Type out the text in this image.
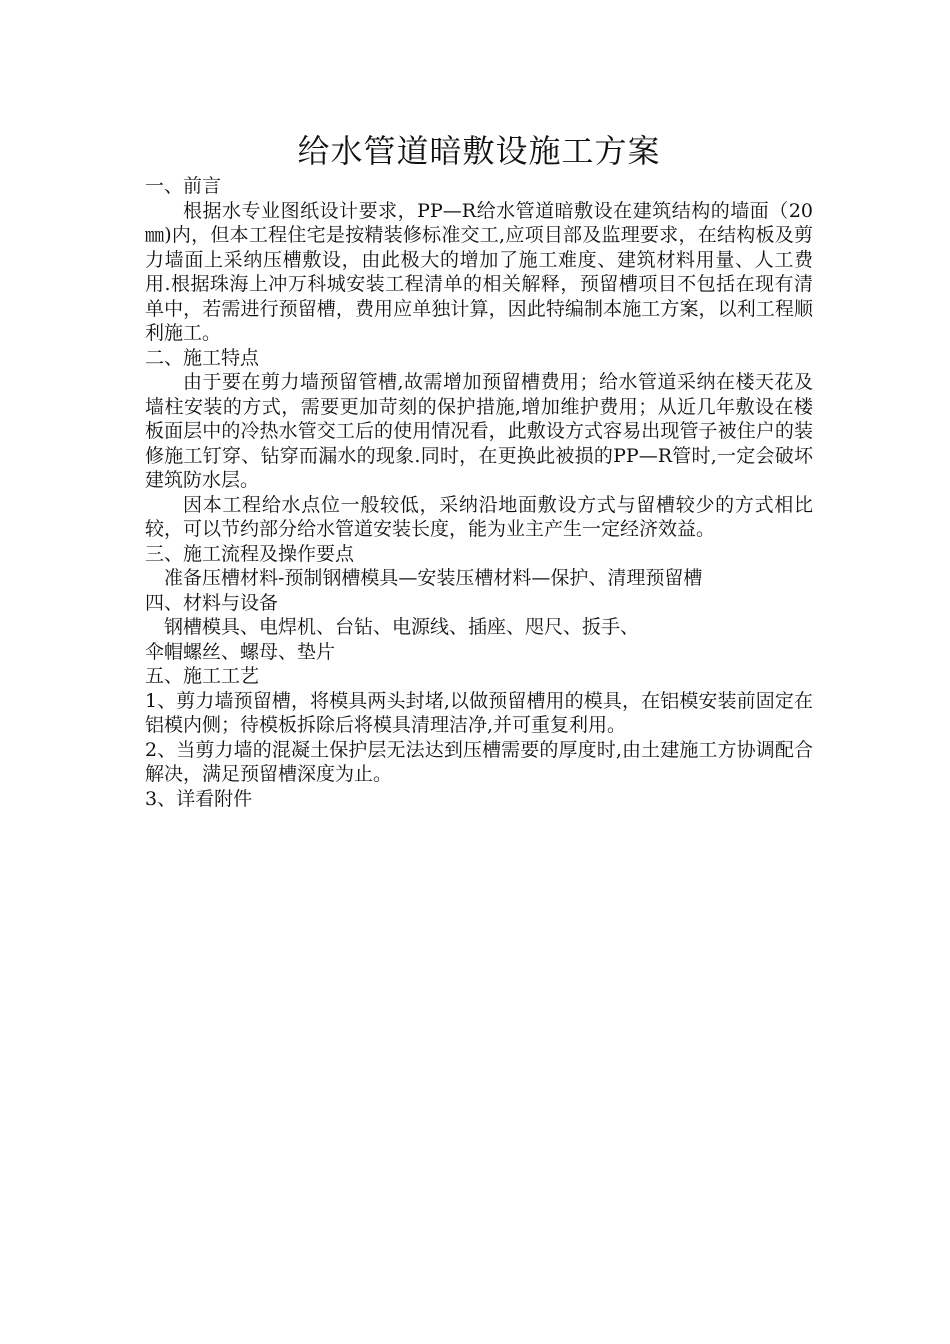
给水管道暗敷设施工方案

一、前言

根据水专业图纸设计要求，PP—R给水管道暗敷设在建筑结构的墙面（20㎜)内，但本工程住宅是按精装修标准交工,应项目部及监理要求，在结构板及剪力墙面上采纳压槽敷设，由此极大的增加了施工难度、建筑材料用量、人工费用.根据珠海上冲万科城安装工程清单的相关解释，预留槽项目不包括在现有清单中，若需进行预留槽，费用应单独计算，因此特编制本施工方案，以利工程顺利施工。

二、施工特点

由于要在剪力墙预留管槽,故需增加预留槽费用；给水管道采纳在楼天花及墙柱安装的方式，需要更加苛刻的保护措施,增加维护费用；从近几年敷设在楼板面层中的冷热水管交工后的使用情况看，此敷设方式容易出现管子被住户的装修施工钉穿、钻穿而漏水的现象.同时，在更换此被损的PP—R管时,一定会破坏建筑防水层。

因本工程给水点位一般较低，采纳沿地面敷设方式与留槽较少的方式相比较，可以节约部分给水管道安装长度，能为业主产生一定经济效益。

三、施工流程及操作要点

准备压槽材料-预制钢槽模具—安装压槽材料—保护、清理预留槽

四、材料与设备

钢槽模具、电焊机、台钻、电源线、插座、咫尺、扳手、

伞帽螺丝、螺母、垫片

五、施工工艺

1、剪力墙预留槽，将模具两头封堵,以做预留槽用的模具，在铝模安装前固定在铝模内侧；待模板拆除后将模具清理洁净,并可重复利用。

2、当剪力墙的混凝土保护层无法达到压槽需要的厚度时,由土建施工方协调配合解决，满足预留槽深度为止。

3、详看附件
